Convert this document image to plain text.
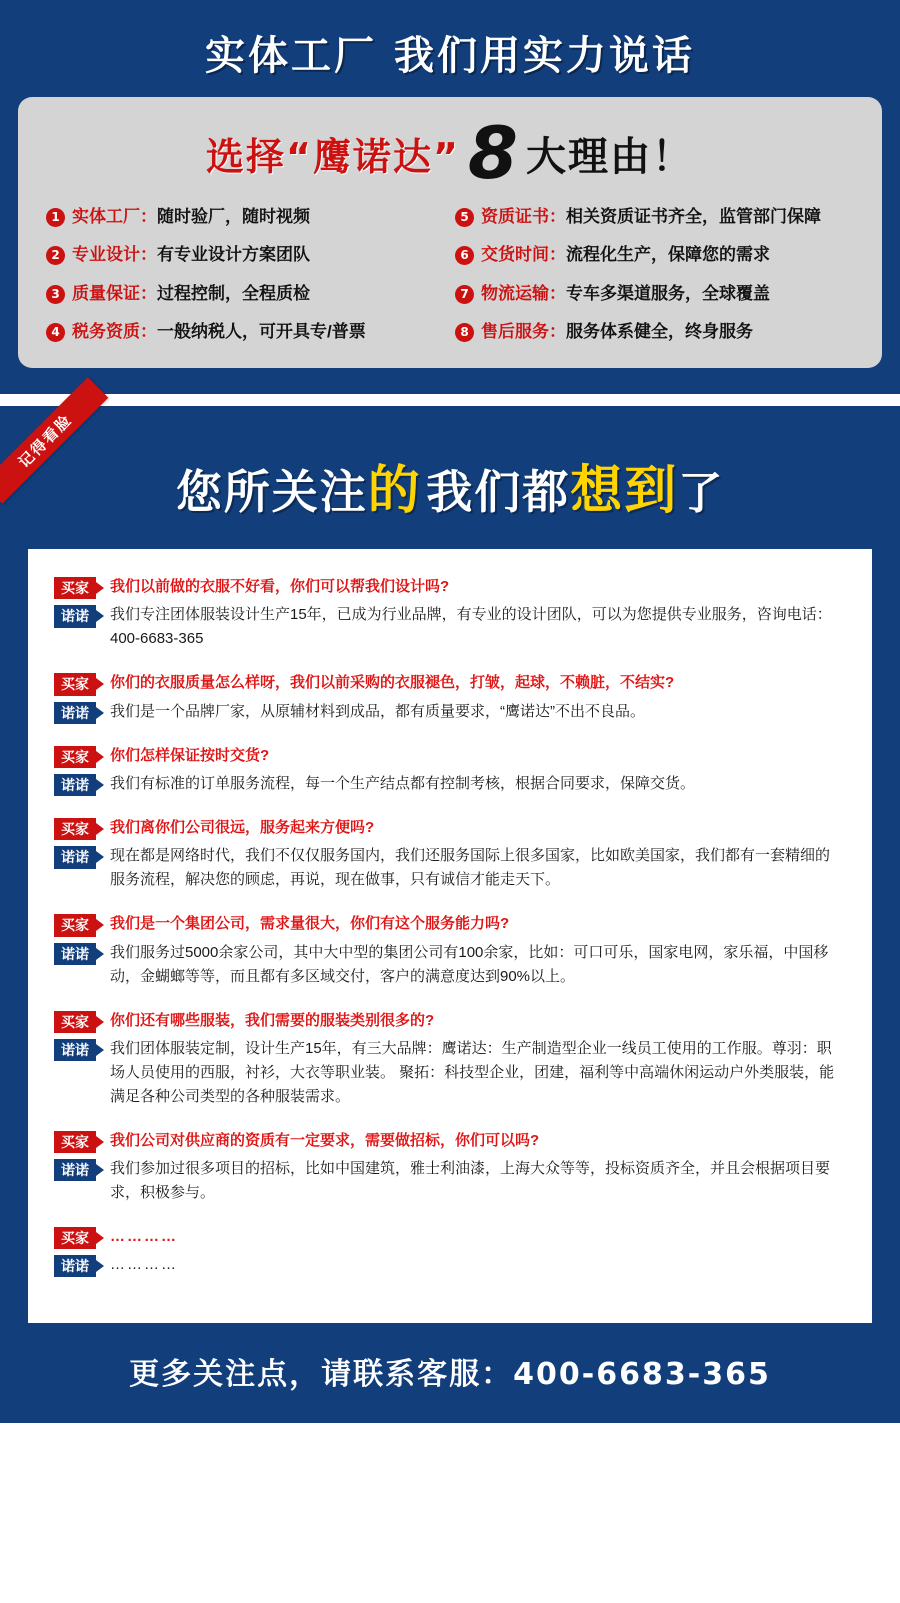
实体工厂 我们用实力说话
选择“鹰诺达” 8 大理由！
1 实体工厂：随时验厂，随时视频	5 资质证书：相关资质证书齐全，监管部门保障
2 专业设计：有专业设计方案团队	6 交货时间：流程化生产，保障您的需求
3 质量保证：过程控制，全程质检	7 物流运输：专车多渠道服务，全球覆盖
4 税务资质：一般纳税人，可开具专/普票	8 售后服务：服务体系健全，终身服务
记得看脸
您所关注的 我们都想到了
买家	我们以前做的衣服不好看，你们可以帮我们设计吗?
诺诺	我们专注团体服装设计生产15年，已成为行业品牌，有专业的设计团队，可以为您提供专业服务，咨询电话：400-6683-365
买家	你们的衣服质量怎么样呀，我们以前采购的衣服褪色，打皱，起球，不赖脏，不结实?
诺诺	我们是一个品牌厂家，从原辅材料到成品，都有质量要求，“鹰诺达”不出不良品。
买家	你们怎样保证按时交货?
诺诺	我们有标准的订单服务流程，每一个生产结点都有控制考核，根据合同要求，保障交货。
买家	我们离你们公司很远，服务起来方便吗?
诺诺	现在都是网络时代，我们不仅仅服务国内，我们还服务国际上很多国家，比如欧美国家，我们都有一套精细的服务流程，解决您的顾虑，再说，现在做事，只有诚信才能走天下。
买家	我们是一个集团公司，需求量很大，你们有这个服务能力吗?
诺诺	我们服务过5000余家公司，其中大中型的集团公司有100余家，比如：可口可乐，国家电网，家乐福，中国移动，金蝴螂等等，而且都有多区域交付，客户的满意度达到90%以上。
买家	你们还有哪些服装，我们需要的服装类别很多的?
诺诺	我们团体服装定制，设计生产15年，有三大品牌：鹰诺达：生产制造型企业一线员工使用的工作服。尊羽：职场人员使用的西服，衬衫，大衣等职业装。 聚拓：科技型企业，团建，福利等中高端休闲运动户外类服装，能满足各种公司类型的各种服装需求。
买家	我们公司对供应商的资质有一定要求，需要做招标，你们可以吗?
诺诺	我们参加过很多项目的招标，比如中国建筑，雅士利油漆，上海大众等等，投标资质齐全，并且会根据项目要求，积极参与。
买家	…………
诺诺	…………
更多关注点，请联系客服：400-6683-365
